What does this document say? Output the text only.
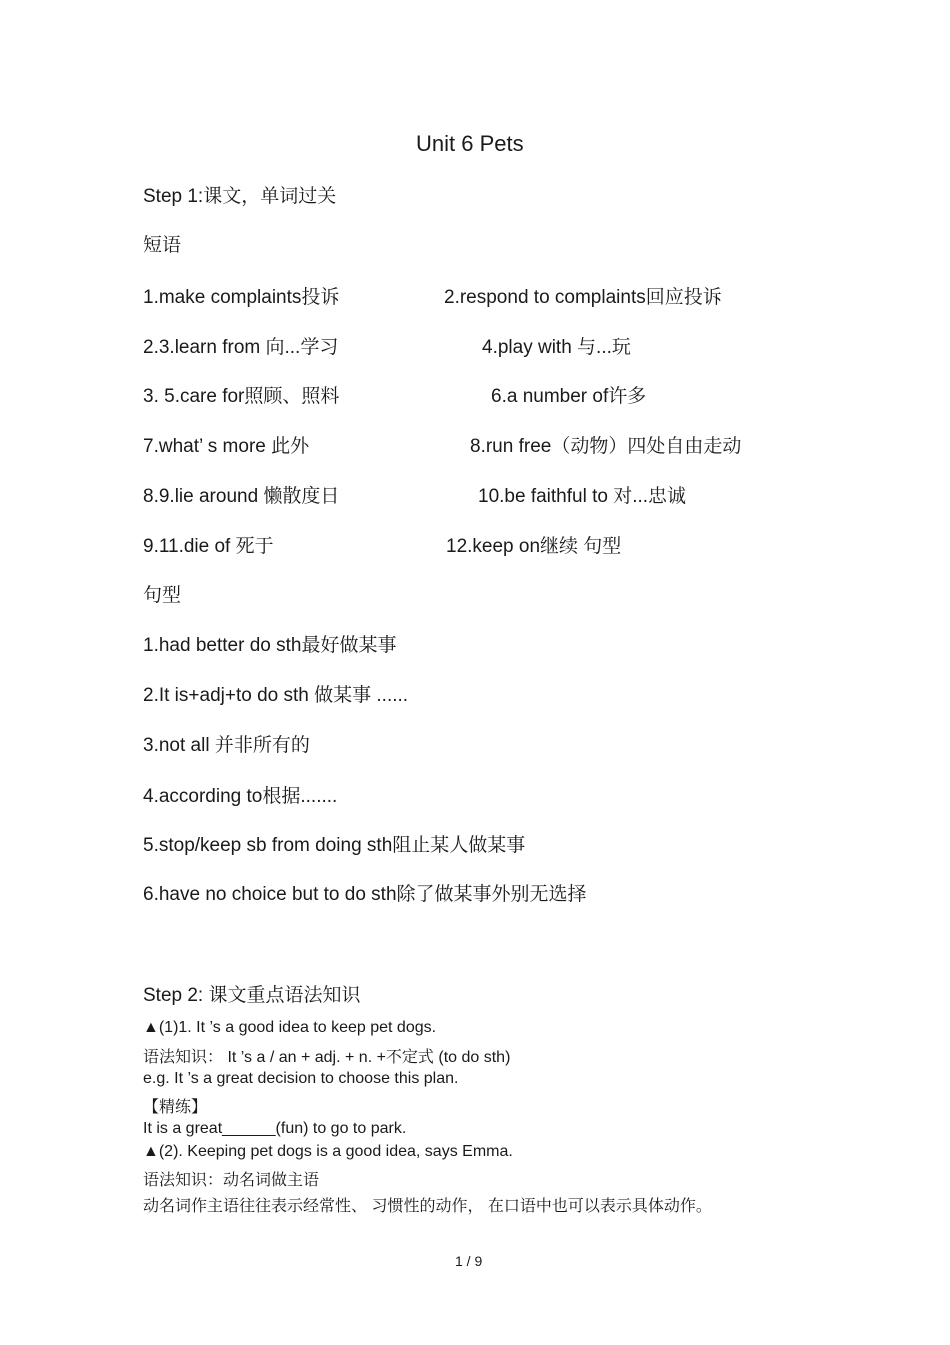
Unit 6 Pets
Step 1:课文，单词过关
短语
1.make complaints投诉	2.respond to complaints回应投诉
2.3.learn from 向...学习	4.play with 与...玩
3. 5.care for照顾、照料	6.a number of许多
7.what’ s more 此外	8.run free（动物）四处自由走动
8.9.lie around 懒散度日	10.be faithful to 对...忠诚
9.11.die of 死于	12.keep on继续 句型
句型
1.had better do sth最好做某事
2.It is+adj+to do sth 做某事 ......
3.not all 并非所有的
4.according to根据.......
5.stop/keep sb from doing sth阻止某人做某事
6.have no choice but to do sth除了做某事外别无选择
Step 2: 课文重点语法知识
▲(1)1. It ’s a good idea to keep pet dogs.
语法知识： It ’s a / an + adj. + n. +不定式 (to do sth)
e.g. It ’s a great decision to choose this plan.
【精练】
It is a great______(fun) to go to park.
▲(2). Keeping pet dogs is a good idea, says Emma.
语法知识：动名词做主语
动名词作主语往往表示经常性、 习惯性的动作， 在口语中也可以表示具体动作。
1 / 9
